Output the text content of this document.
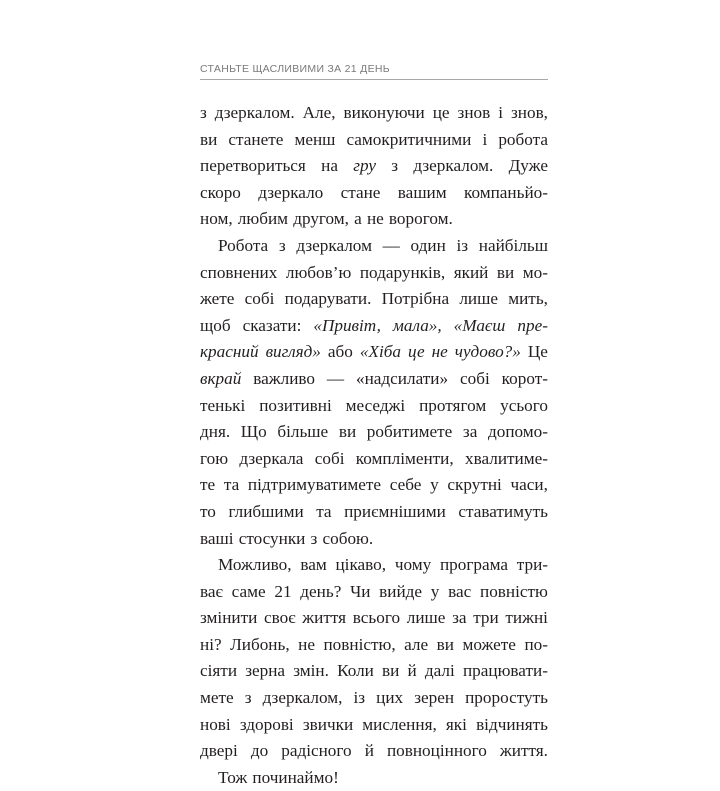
СТАНЬТЕ ЩАСЛИВИМИ ЗА 21 ДЕНЬ
з дзеркалом. Але, виконуючи це знов і знов,
ви станете менш самокритичними і робота
перетвориться на гру з дзеркалом. Дуже
скоро дзеркало стане вашим компаньйо-
ном, любим другом, а не ворогом.
Робота з дзеркалом — один із найбільш
сповнених любов’ю подарунків, який ви мо-
жете собі подарувати. Потрібна лише мить,
щоб сказати: «Привіт, мала», «Маєш пре-
красний вигляд» або «Хіба це не чудово?» Це
вкрай важливо — «надсилати» собі корот-
тенькі позитивні меседжі протягом усього
дня. Що більше ви робитимете за допомо-
гою дзеркала собі компліменти, хвалитиме-
те та підтримуватимете себе у скрутні часи,
то глибшими та приємнішими ставатимуть
ваші стосунки з собою.
Можливо, вам цікаво, чому програма три-
ває саме 21 день? Чи вийде у вас повністю
змінити своє життя всього лише за три тижні
ні? Либонь, не повністю, але ви можете по-
сіяти зерна змін. Коли ви й далі працювати-
мете з дзеркалом, із цих зерен проростуть
нові здорові звички мислення, які відчинять
двері до радісного й повноцінного життя.
Тож починаймо!
